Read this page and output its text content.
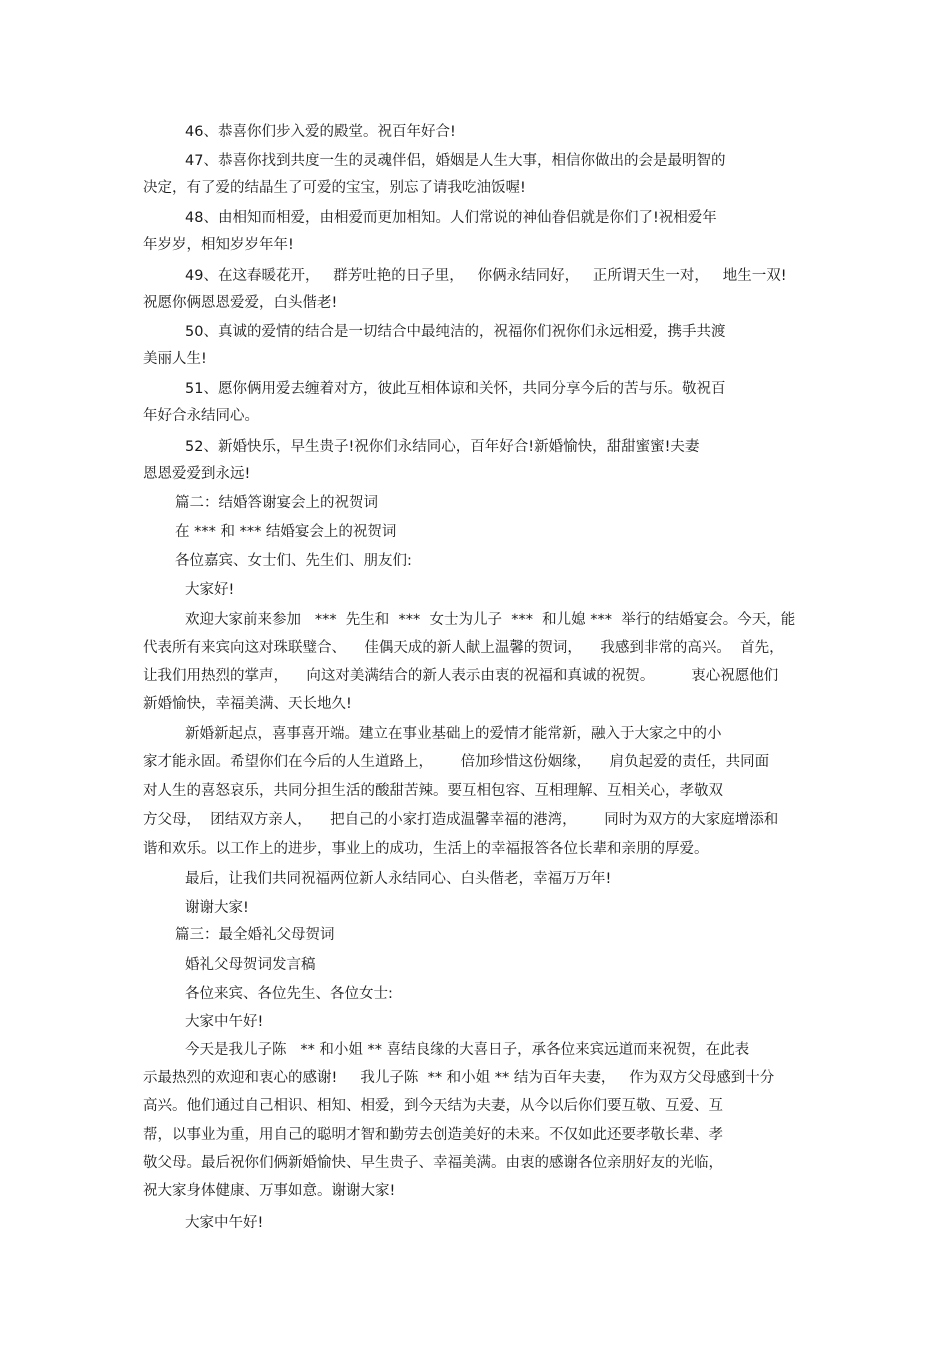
46、恭喜你们步入爱的殿堂。祝百年好合!
47、恭喜你找到共度一生的灵魂伴侣，婚姻是人生大事，相信你做出的会是最明智的
决定，有了爱的结晶生了可爱的宝宝，别忘了请我吃油饭喔!
48、由相知而相爱，由相爱而更加相知。人们常说的神仙眷侣就是你们了!祝相爱年
年岁岁，相知岁岁年年!
49、在这春暖花开，   群芳吐艳的日子里，   你俩永结同好，   正所谓天生一对，   地生一双!
祝愿你俩恩恩爱爱，白头偕老!
50、真诚的爱情的结合是一切结合中最纯洁的，祝福你们祝你们永远相爱，携手共渡
美丽人生!
51、愿你俩用爱去缠着对方，彼此互相体谅和关怀，共同分享今后的苦与乐。敬祝百
年好合永结同心。
52、新婚快乐，早生贵子!祝你们永结同心，百年好合!新婚愉快，甜甜蜜蜜!夫妻
恩恩爱爱到永远!
篇二：结婚答谢宴会上的祝贺词
在 *** 和 *** 结婚宴会上的祝贺词
各位嘉宾、女士们、先生们、朋友们:
大家好!
欢迎大家前来参加   ***  先生和  ***  女士为儿子  ***  和儿媳 ***  举行的结婚宴会。今天，能
代表所有来宾向这对珠联璧合、    佳偶天成的新人献上温馨的贺词，    我感到非常的高兴。  首先，
让我们用热烈的掌声，    向这对美满结合的新人表示由衷的祝福和真诚的祝贺。        衷心祝愿他们
新婚愉快，幸福美满、天长地久!
新婚新起点，喜事喜开端。建立在事业基础上的爱情才能常新，融入于大家之中的小
家才能永固。希望你们在今后的人生道路上，      倍加珍惜这份姻缘，    肩负起爱的责任，共同面
对人生的喜怒哀乐，共同分担生活的酸甜苦辣。要互相包容、互相理解、互相关心，孝敬双
方父母，  团结双方亲人，    把自己的小家打造成温馨幸福的港湾，      同时为双方的大家庭增添和
谐和欢乐。以工作上的进步，事业上的成功，生活上的幸福报答各位长辈和亲朋的厚爱。
最后，让我们共同祝福两位新人永结同心、白头偕老，幸福万万年!
谢谢大家!
篇三：最全婚礼父母贺词
婚礼父母贺词发言稿
各位来宾、各位先生、各位女士:
大家中午好!
今天是我儿子陈   ** 和小姐 ** 喜结良缘的大喜日子，承各位来宾远道而来祝贺，在此表
示最热烈的欢迎和衷心的感谢!     我儿子陈  ** 和小姐 ** 结为百年夫妻，   作为双方父母感到十分
高兴。他们通过自己相识、相知、相爱，到今天结为夫妻，从今以后你们要互敬、互爱、互
帮，以事业为重，用自己的聪明才智和勤劳去创造美好的未来。不仅如此还要孝敬长辈、孝
敬父母。最后祝你们俩新婚愉快、早生贵子、幸福美满。由衷的感谢各位亲朋好友的光临，
祝大家身体健康、万事如意。谢谢大家!
大家中午好!
